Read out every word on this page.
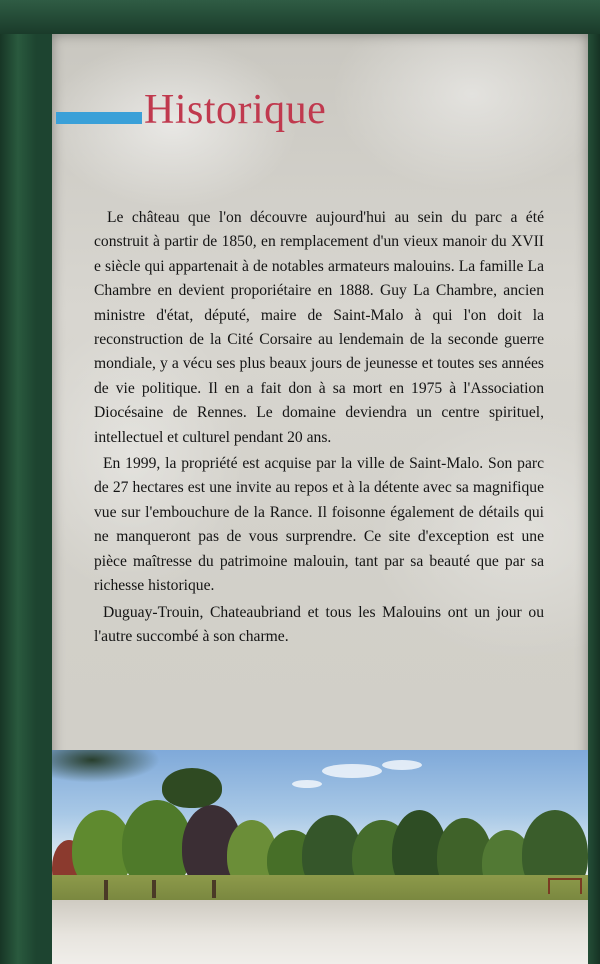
Historique

Le château que l'on découvre aujourd'hui au sein du parc a été construit à partir de 1850, en remplacement d'un vieux manoir du XVII e siècle qui appartenait à de notables armateurs malouins. La famille La Chambre en devient proporiétaire en 1888. Guy La Chambre, ancien ministre d'état, député, maire de Saint-Malo à qui l'on doit la reconstruction de la Cité Corsaire au lendemain de la seconde guerre mondiale, y a vécu ses plus beaux jours de jeunesse et toutes ses années de vie politique. Il en a fait don à sa mort en 1975 à l'Association Diocésaine de Rennes. Le domaine deviendra un centre spirituel, intellectuel et culturel pendant 20 ans.

En 1999, la propriété est acquise par la ville de Saint-Malo. Son parc de 27 hectares est une invite au repos et à la détente avec sa magnifique vue sur l'embouchure de la Rance. Il foisonne également de détails qui ne manqueront pas de vous surprendre. Ce site d'exception est une pièce maîtresse du patrimoine malouin, tant par sa beauté que par sa richesse historique.

Duguay-Trouin, Chateaubriand et tous les Malouins ont un jour ou l'autre succombé à son charme.
